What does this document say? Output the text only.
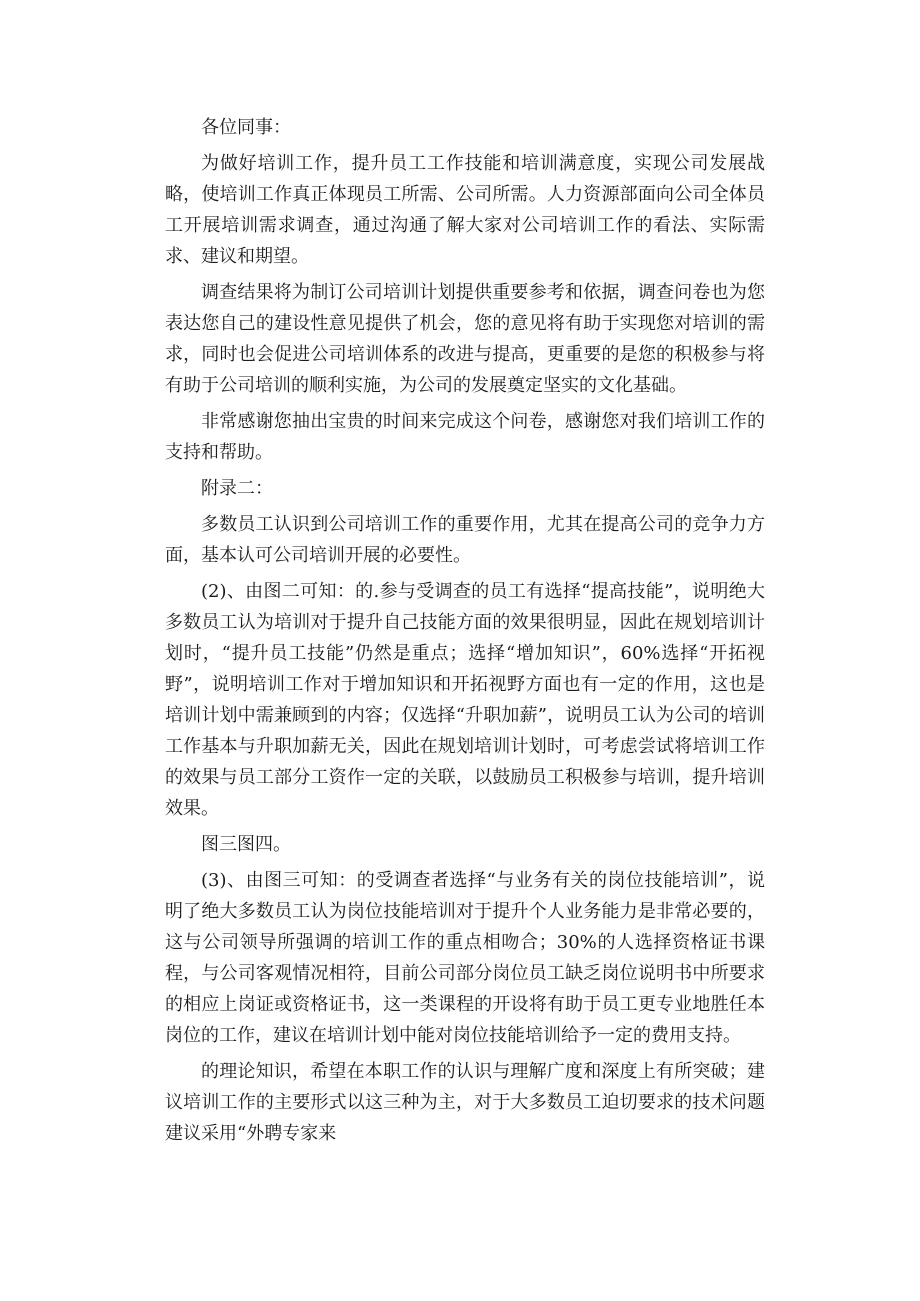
各位同事：

为做好培训工作，提升员工工作技能和培训满意度，实现公司发展战略，使培训工作真正体现员工所需、公司所需。人力资源部面向公司全体员工开展培训需求调查，通过沟通了解大家对公司培训工作的看法、实际需求、建议和期望。

调查结果将为制订公司培训计划提供重要参考和依据，调查问卷也为您表达您自己的建设性意见提供了机会，您的意见将有助于实现您对培训的需求，同时也会促进公司培训体系的改进与提高，更重要的是您的积极参与将有助于公司培训的顺利实施，为公司的发展奠定坚实的文化基础。

非常感谢您抽出宝贵的时间来完成这个问卷，感谢您对我们培训工作的支持和帮助。

附录二：

多数员工认识到公司培训工作的重要作用，尤其在提高公司的竞争力方面，基本认可公司培训开展的必要性。

(2)、由图二可知：的.参与受调查的员工有选择“提高技能”，说明绝大多数员工认为培训对于提升自己技能方面的效果很明显，因此在规划培训计划时，“提升员工技能”仍然是重点；选择“增加知识”，60%选择“开拓视野”，说明培训工作对于增加知识和开拓视野方面也有一定的作用，这也是培训计划中需兼顾到的内容；仅选择“升职加薪”，说明员工认为公司的培训工作基本与升职加薪无关，因此在规划培训计划时，可考虑尝试将培训工作的效果与员工部分工资作一定的关联，以鼓励员工积极参与培训，提升培训效果。

图三图四。

(3)、由图三可知：的受调查者选择“与业务有关的岗位技能培训”，说明了绝大多数员工认为岗位技能培训对于提升个人业务能力是非常必要的，这与公司领导所强调的培训工作的重点相吻合；30%的人选择资格证书课程，与公司客观情况相符，目前公司部分岗位员工缺乏岗位说明书中所要求的相应上岗证或资格证书，这一类课程的开设将有助于员工更专业地胜任本岗位的工作，建议在培训计划中能对岗位技能培训给予一定的费用支持。

的理论知识，希望在本职工作的认识与理解广度和深度上有所突破；建议培训工作的主要形式以这三种为主，对于大多数员工迫切要求的技术问题建议采用“外聘专家来
